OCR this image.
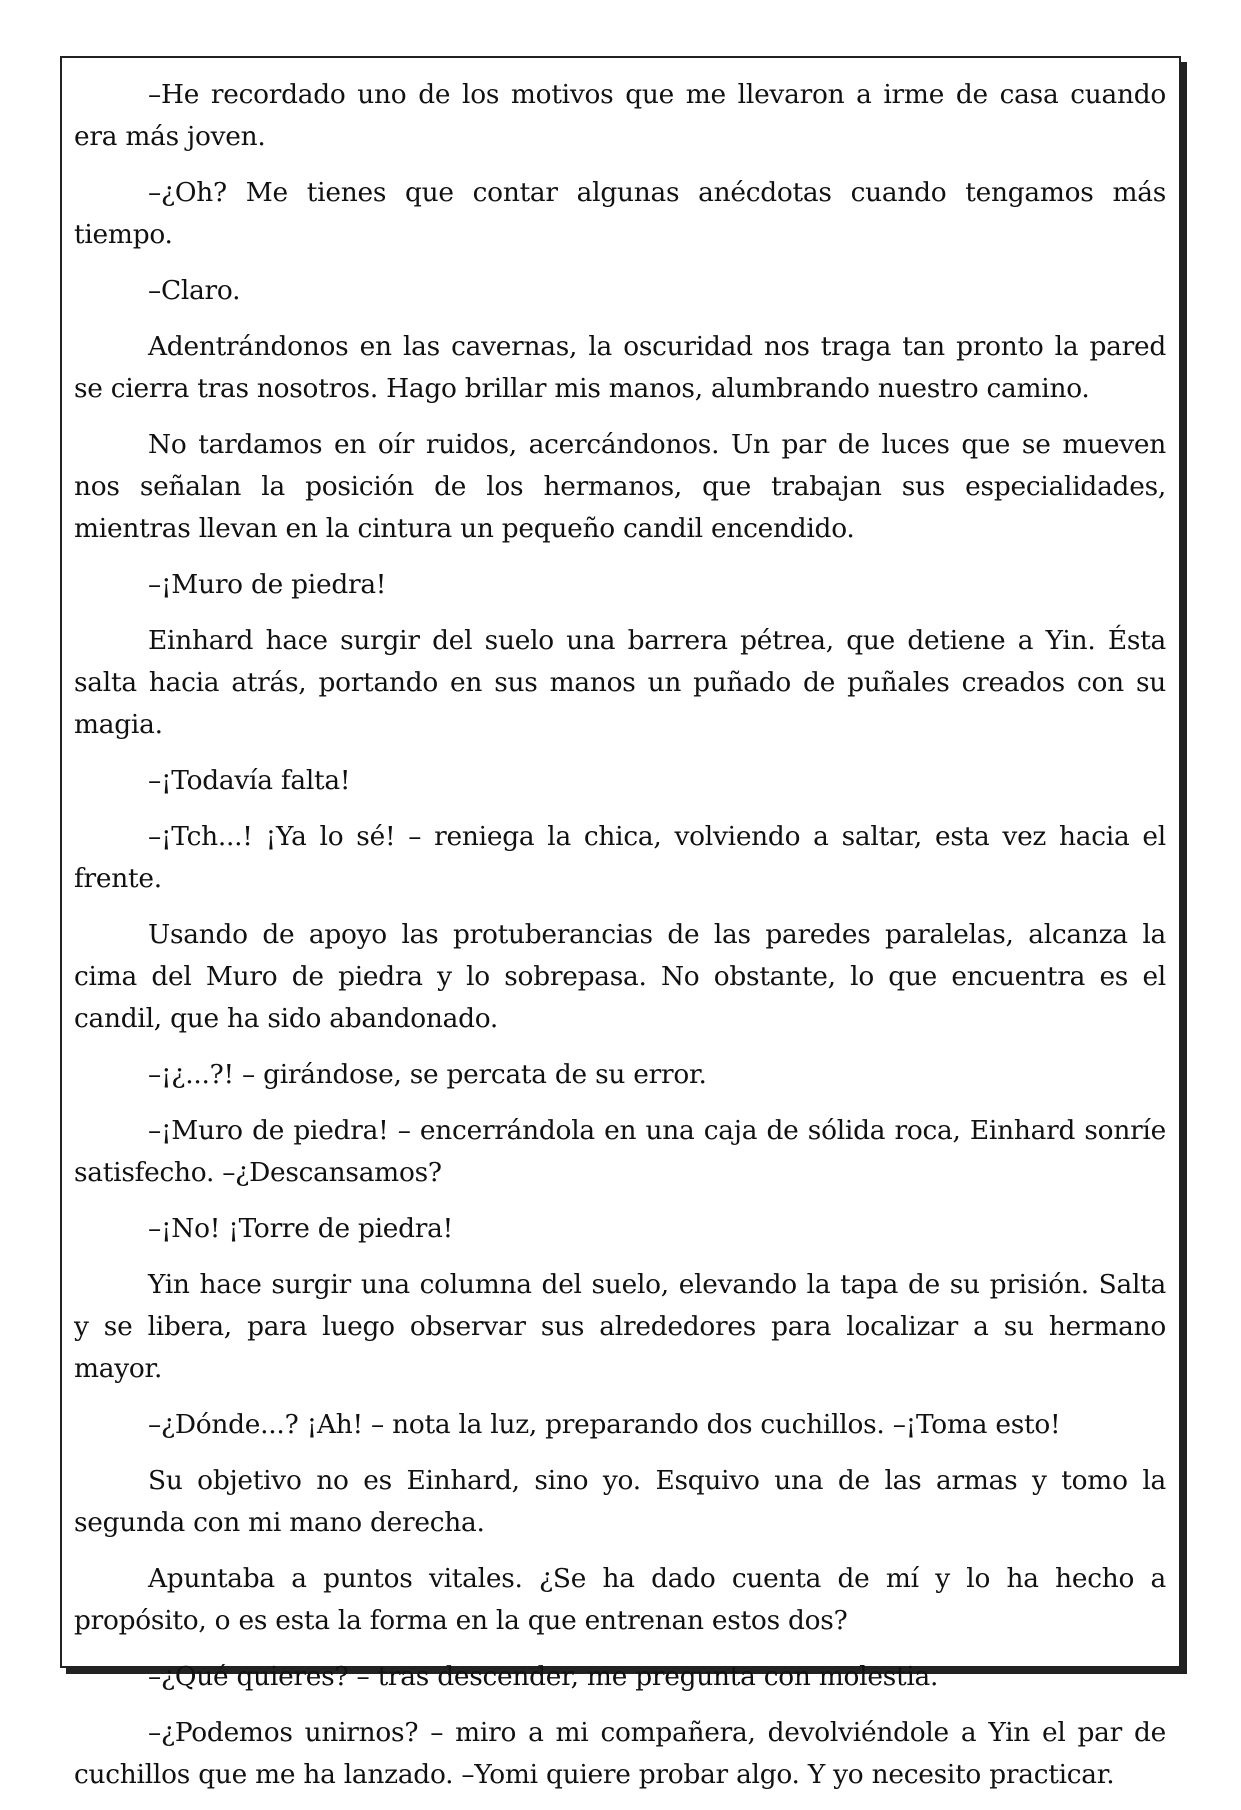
–He recordado uno de los motivos que me llevaron a irme de casa cuando era más joven.

–¿Oh? Me tienes que contar algunas anécdotas cuando tengamos más tiempo.

–Claro.

Adentrándonos en las cavernas, la oscuridad nos traga tan pronto la pared se cierra tras nosotros. Hago brillar mis manos, alumbrando nuestro camino.

No tardamos en oír ruidos, acercándonos. Un par de luces que se mueven nos señalan la posición de los hermanos, que trabajan sus especialidades, mientras llevan en la cintura un pequeño candil encendido.

–¡Muro de piedra!

Einhard hace surgir del suelo una barrera pétrea, que detiene a Yin. Ésta salta hacia atrás, portando en sus manos un puñado de puñales creados con su magia.

–¡Todavía falta!

–¡Tch...! ¡Ya lo sé! – reniega la chica, volviendo a saltar, esta vez hacia el frente.

Usando de apoyo las protuberancias de las paredes paralelas, alcanza la cima del Muro de piedra y lo sobrepasa. No obstante, lo que encuentra es el candil, que ha sido abandonado.

–¡¿...?! – girándose, se percata de su error.

–¡Muro de piedra! – encerrándola en una caja de sólida roca, Einhard sonríe satisfecho. –¿Descansamos?

–¡No! ¡Torre de piedra!

Yin hace surgir una columna del suelo, elevando la tapa de su prisión. Salta y se libera, para luego observar sus alrededores para localizar a su hermano mayor.

–¿Dónde...? ¡Ah! – nota la luz, preparando dos cuchillos. –¡Toma esto!

Su objetivo no es Einhard, sino yo. Esquivo una de las armas y tomo la segunda con mi mano derecha.

Apuntaba a puntos vitales. ¿Se ha dado cuenta de mí y lo ha hecho a propósito, o es esta la forma en la que entrenan estos dos?

–¿Qué quieres? – tras descender, me pregunta con molestia.

–¿Podemos unirnos? – miro a mi compañera, devolviéndole a Yin el par de cuchillos que me ha lanzado. –Yomi quiere probar algo. Y yo necesito practicar.
